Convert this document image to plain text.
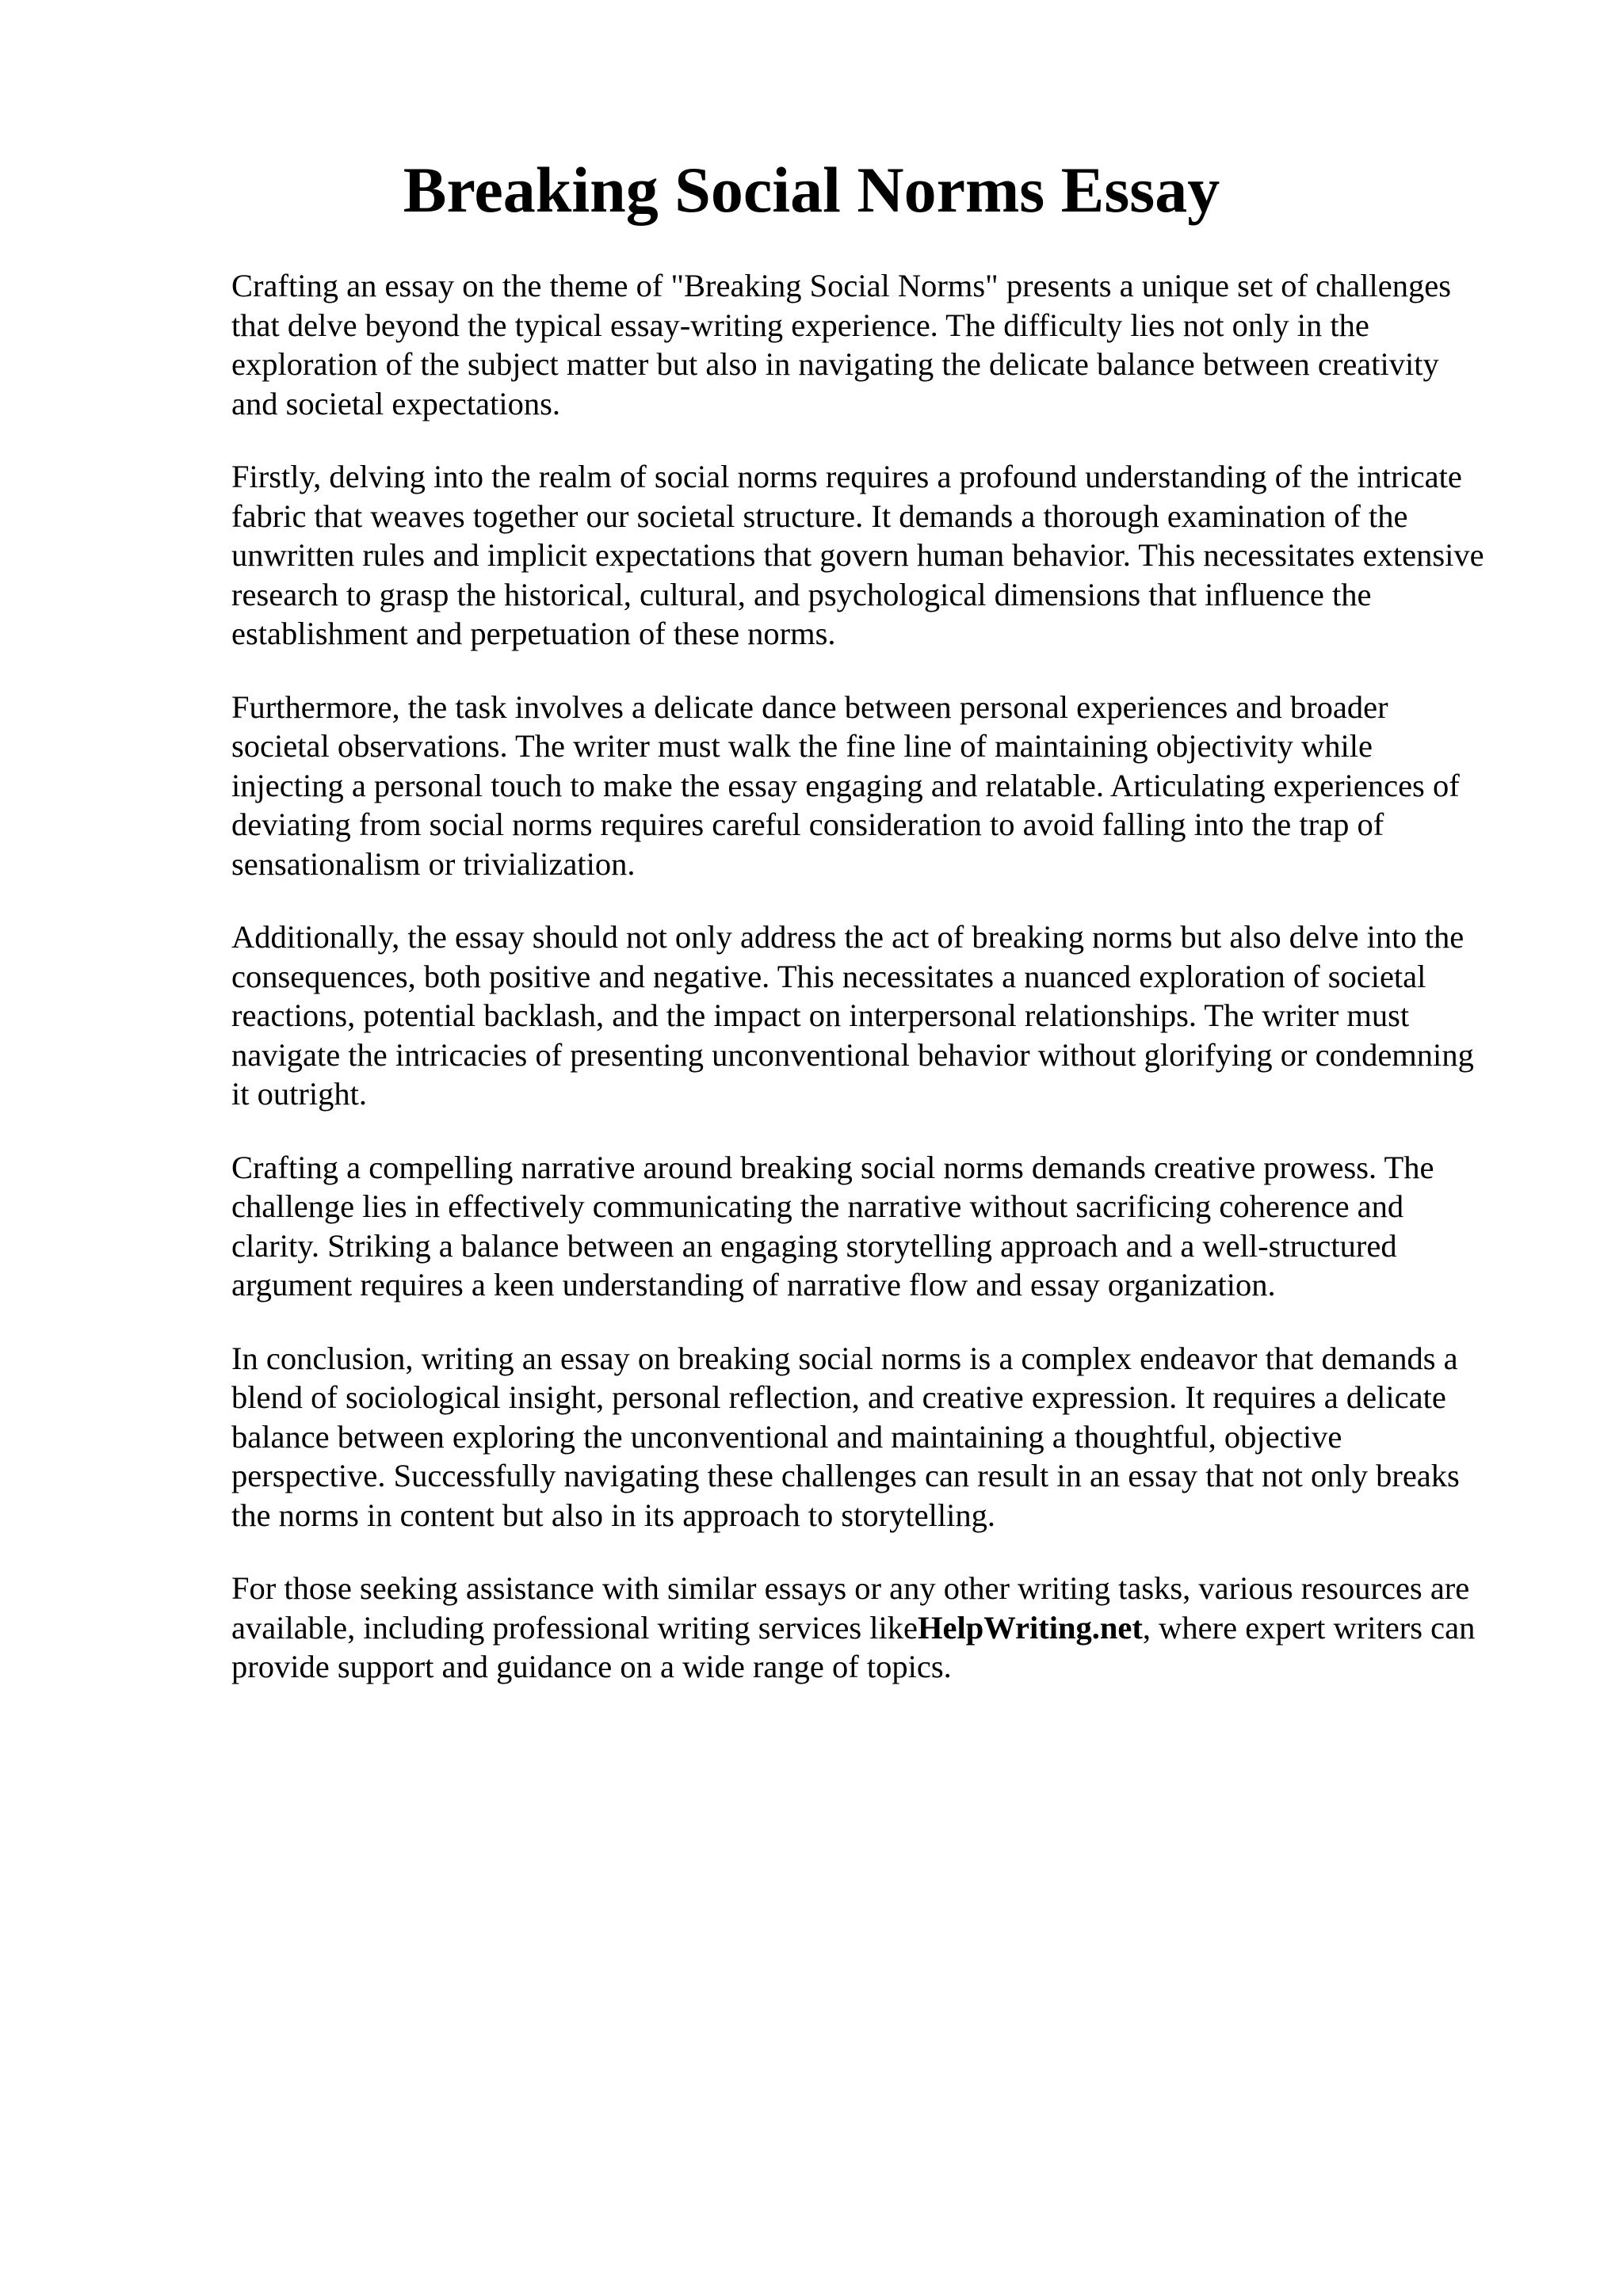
Breaking Social Norms Essay

Crafting an essay on the theme of "Breaking Social Norms" presents a unique set of challenges
that delve beyond the typical essay-writing experience. The difficulty lies not only in the
exploration of the subject matter but also in navigating the delicate balance between creativity
and societal expectations.

Firstly, delving into the realm of social norms requires a profound understanding of the intricate
fabric that weaves together our societal structure. It demands a thorough examination of the
unwritten rules and implicit expectations that govern human behavior. This necessitates extensive
research to grasp the historical, cultural, and psychological dimensions that influence the
establishment and perpetuation of these norms.

Furthermore, the task involves a delicate dance between personal experiences and broader
societal observations. The writer must walk the fine line of maintaining objectivity while
injecting a personal touch to make the essay engaging and relatable. Articulating experiences of
deviating from social norms requires careful consideration to avoid falling into the trap of
sensationalism or trivialization.

Additionally, the essay should not only address the act of breaking norms but also delve into the
consequences, both positive and negative. This necessitates a nuanced exploration of societal
reactions, potential backlash, and the impact on interpersonal relationships. The writer must
navigate the intricacies of presenting unconventional behavior without glorifying or condemning
it outright.

Crafting a compelling narrative around breaking social norms demands creative prowess. The
challenge lies in effectively communicating the narrative without sacrificing coherence and
clarity. Striking a balance between an engaging storytelling approach and a well-structured
argument requires a keen understanding of narrative flow and essay organization.

In conclusion, writing an essay on breaking social norms is a complex endeavor that demands a
blend of sociological insight, personal reflection, and creative expression. It requires a delicate
balance between exploring the unconventional and maintaining a thoughtful, objective
perspective. Successfully navigating these challenges can result in an essay that not only breaks
the norms in content but also in its approach to storytelling.

For those seeking assistance with similar essays or any other writing tasks, various resources are
available, including professional writing services likeHelpWriting.net, where expert writers can
provide support and guidance on a wide range of topics.
